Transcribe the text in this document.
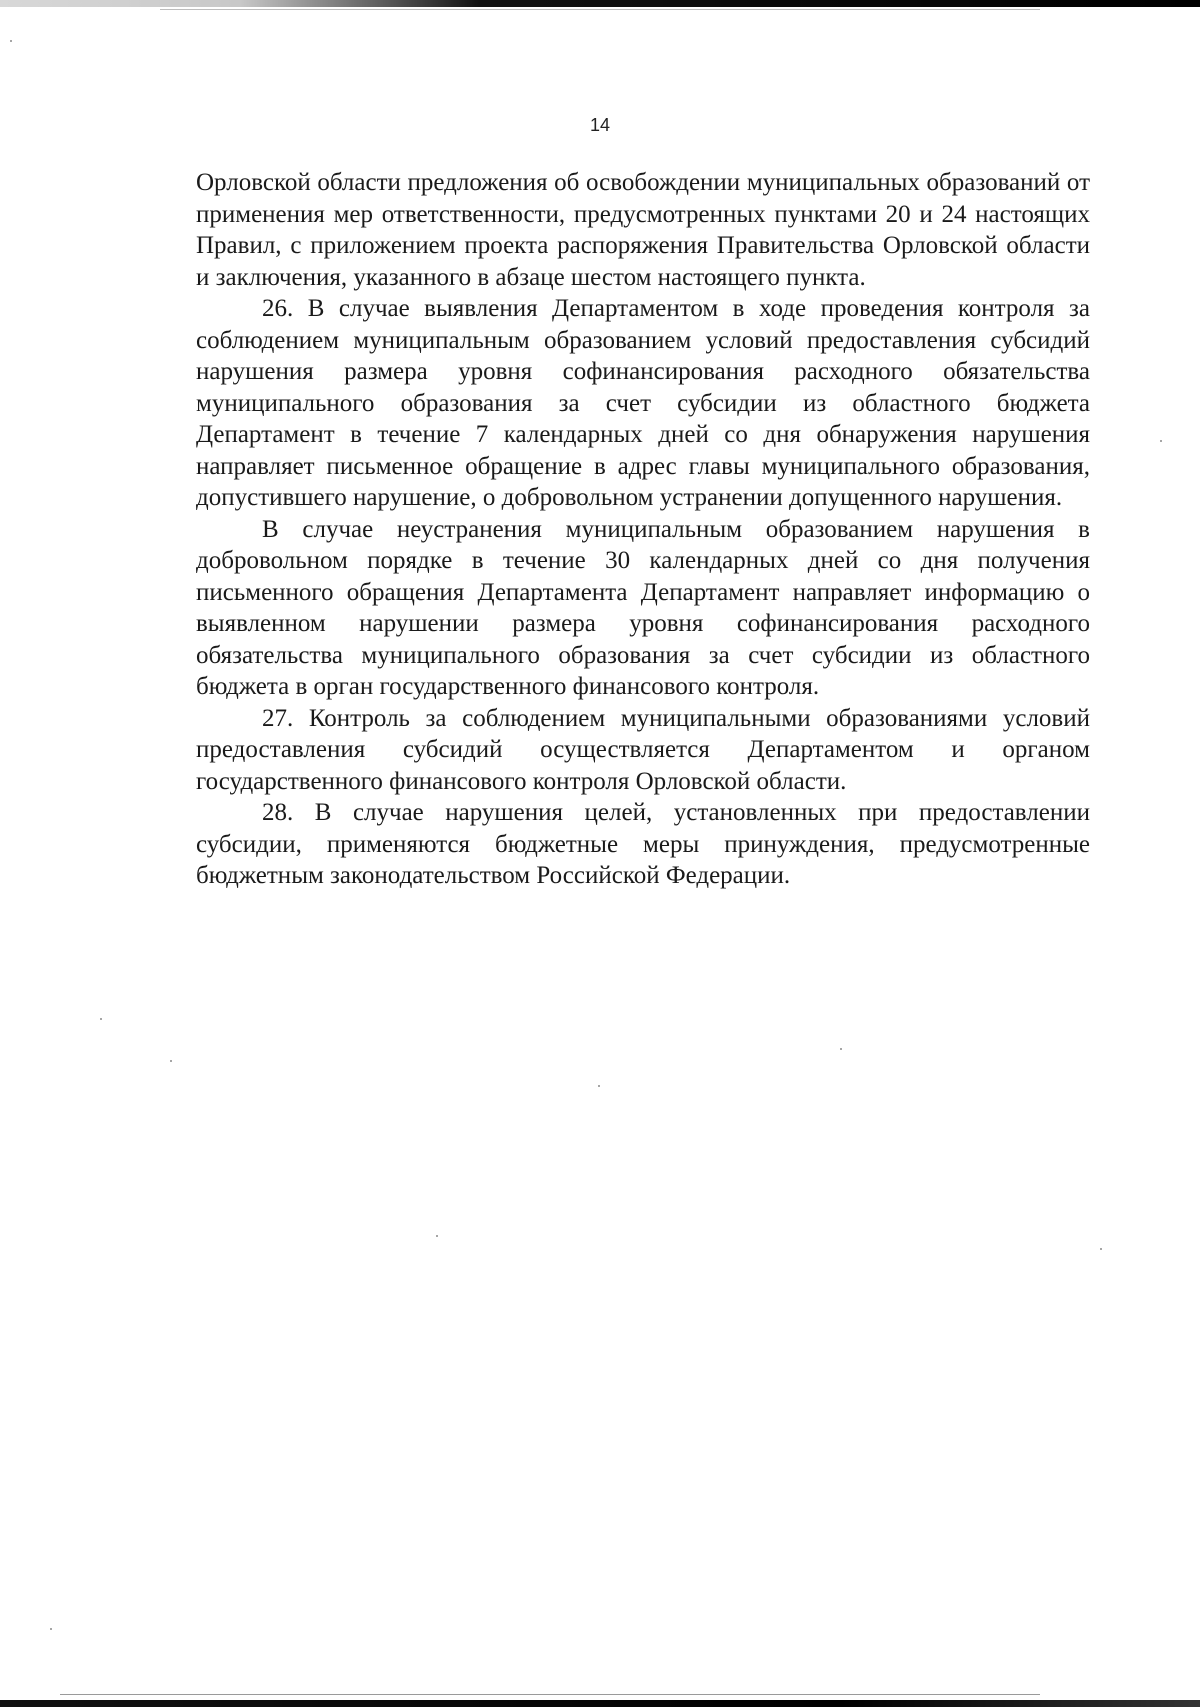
14

Орловской области предложения об освобождении муниципальных образований от применения мер ответственности, предусмотренных пунктами 20 и 24 настоящих Правил, с приложением проекта распоряжения Правительства Орловской области и заключения, указанного в абзаце шестом настоящего пункта.

26. В случае выявления Департаментом в ходе проведения контроля за соблюдением муниципальным образованием условий предоставления субсидий нарушения размера уровня софинансирования расходного обязательства муниципального образования за счет субсидии из областного бюджета Департамент в течение 7 календарных дней со дня обнаружения нарушения направляет письменное обращение в адрес главы муниципального образования, допустившего нарушение, о добровольном устранении допущенного нарушения.

В случае неустранения муниципальным образованием нарушения в добровольном порядке в течение 30 календарных дней со дня получения письменного обращения Департамента Департамент направляет информацию о выявленном нарушении размера уровня софинансирования расходного обязательства муниципального образования за счет субсидии из областного бюджета в орган государственного финансового контроля.

27. Контроль за соблюдением муниципальными образованиями условий предоставления субсидий осуществляется Департаментом и органом государственного финансового контроля Орловской области.

28. В случае нарушения целей, установленных при предоставлении субсидии, применяются бюджетные меры принуждения, предусмотренные бюджетным законодательством Российской Федерации.
